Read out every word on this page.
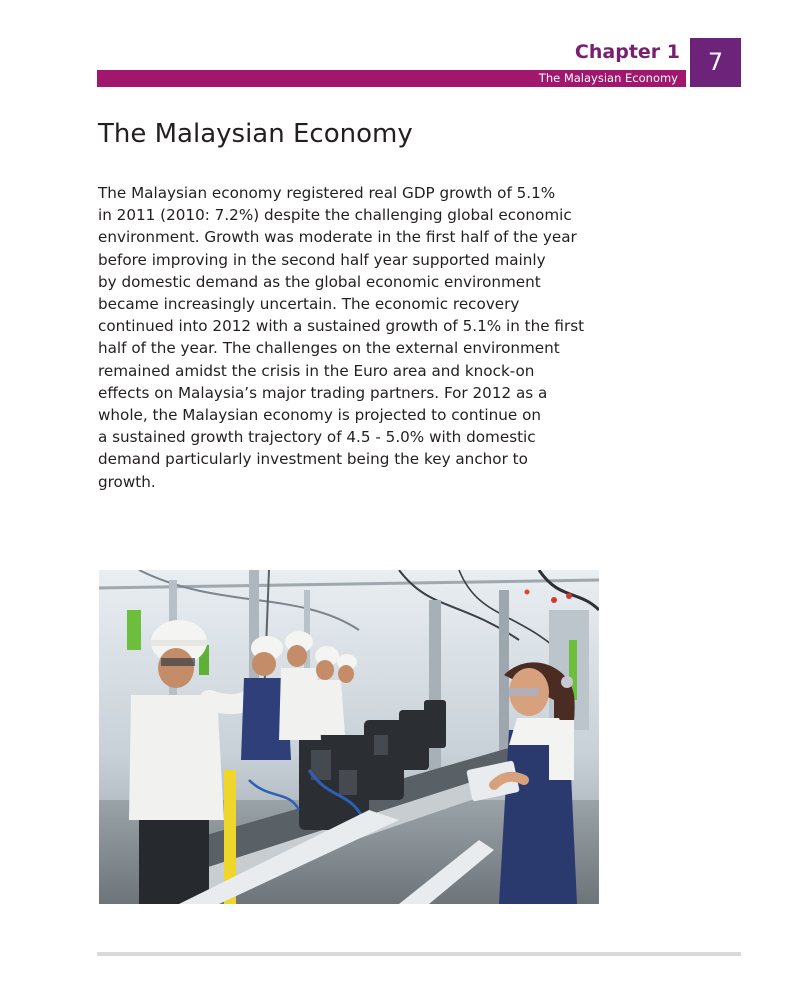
Chapter 1
The Malaysian Economy
7
The Malaysian Economy
The Malaysian economy registered real GDP growth of 5.1%
in 2011 (2010: 7.2%) despite the challenging global economic
environment. Growth was moderate in the first half of the year
before improving in the second half year supported mainly
by domestic demand as the global economic environment
became increasingly uncertain. The economic recovery
continued into 2012 with a sustained growth of 5.1% in the first
half of the year. The challenges on the external environment
remained amidst the crisis in the Euro area and knock-on
effects on Malaysia’s major trading partners. For 2012 as a
whole, the Malaysian economy is projected to continue on
a sustained growth trajectory of 4.5 - 5.0% with domestic
demand particularly investment being the key anchor to
growth.
